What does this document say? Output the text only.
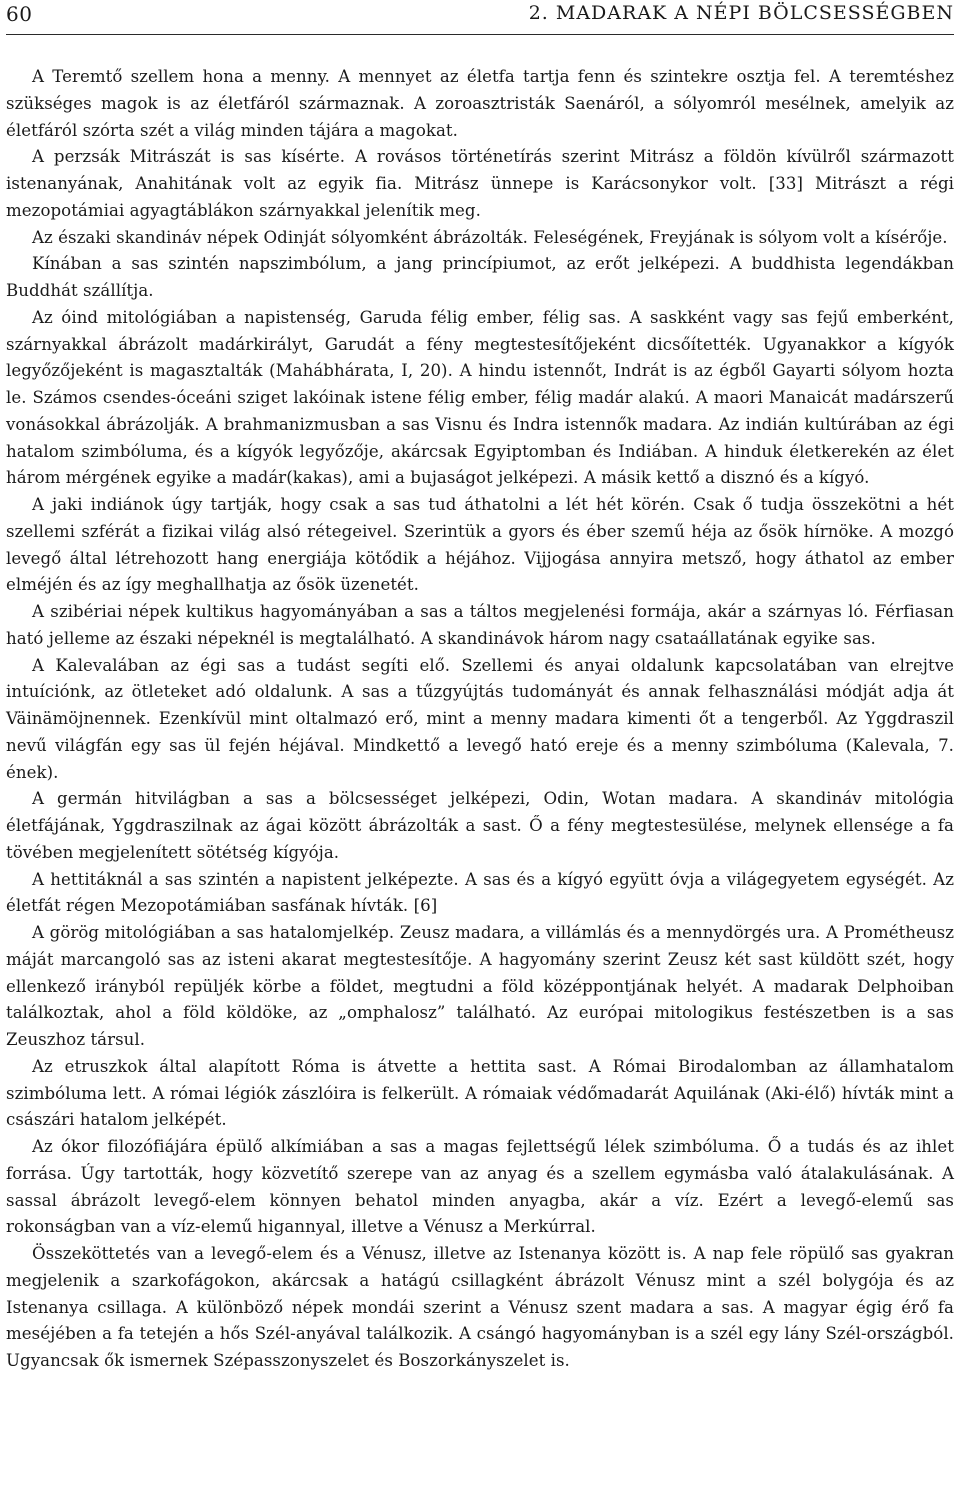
60	2. MADARAK A NÉPI BÖLCSESSÉGBEN

A Teremtő szellem hona a menny. A mennyet az életfa tartja fenn és szintekre osztja fel. A teremtéshez szükséges magok is az életfáról származnak. A zoroasztristák Saenáról, a sólyomról mesélnek, amelyik az életfáról szórta szét a világ minden tájára a magokat.

A perzsák Mitrászát is sas kísérte. A rovásos történetírás szerint Mitrász a földön kívülről származott istenanyának, Anahitának volt az egyik fia. Mitrász ünnepe is Karácsonykor volt. [33] Mitrászt a régi mezopotámiai agyagtáblákon szárnyakkal jelenítik meg.

Az északi skandináv népek Odinját sólyomként ábrázolták. Feleségének, Freyjának is sólyom volt a kísérője.

Kínában a sas szintén napszimbólum, a jang princípiumot, az erőt jelképezi. A buddhista legendákban Buddhát szállítja.

Az óind mitológiában a napistenség, Garuda félig ember, félig sas. A saskként vagy sas fejű emberként, szárnyakkal ábrázolt madárkirályt, Garudát a fény megtestesítőjeként dicsőítették. Ugyanakkor a kígyók legyőzőjeként is magasztalták (Mahábhárata, I, 20). A hindu istennőt, Indrát is az égből Gayarti sólyom hozta le. Számos csendes-óceáni sziget lakóinak istene félig ember, félig madár alakú. A maori Manaicát madárszerű vonásokkal ábrázolják. A brahmanizmusban a sas Visnu és Indra istennők madara. Az indián kultúrában az égi hatalom szimbóluma, és a kígyók legyőzője, akárcsak Egyiptomban és Indiában. A hinduk életkerekén az élet három mérgének egyike a madár(kakas), ami a bujaságot jelképezi. A másik kettő a disznó és a kígyó.

A jaki indiánok úgy tartják, hogy csak a sas tud áthatolni a lét hét körén. Csak ő tudja összekötni a hét szellemi szférát a fizikai világ alsó rétegeivel. Szerintük a gyors és éber szemű héja az ősök hírnöke. A mozgó levegő által létrehozott hang energiája kötődik a héjához. Vijjogása annyira metsző, hogy áthatol az ember elméjén és az így meghallhatja az ősök üzenetét.

A szibériai népek kultikus hagyományában a sas a táltos megjelenési formája, akár a szárnyas ló. Férfiasan ható jelleme az északi népeknél is megtalálható. A skandinávok három nagy csataállatának egyike sas.

A Kalevalában az égi sas a tudást segíti elő. Szellemi és anyai oldalunk kapcsolatában van elrejtve intuíciónk, az ötleteket adó oldalunk. A sas a tűzgyújtás tudományát és annak felhasználási módját adja át Väinämöjnennek. Ezenkívül mint oltalmazó erő, mint a menny madara kimenti őt a tengerből. Az Yggdraszil nevű világfán egy sas ül fején héjával. Mindkettő a levegő ható ereje és a menny szimbóluma (Kalevala, 7. ének).

A germán hitvilágban a sas a bölcsességet jelképezi, Odin, Wotan madara. A skandináv mitológia életfájának, Yggdraszilnak az ágai között ábrázolták a sast. Ő a fény megtestesülése, melynek ellensége a fa tövében megjelenített sötétség kígyója.

A hettitáknál a sas szintén a napistent jelképezte. A sas és a kígyó együtt óvja a világegyetem egységét. Az életfát régen Mezopotámiában sasfának hívták. [6]

A görög mitológiában a sas hatalomjelkép. Zeusz madara, a villámlás és a mennydörgés ura. A Prométheusz máját marcangoló sas az isteni akarat megtestesítője. A hagyomány szerint Zeusz két sast küldött szét, hogy ellenkező irányból repüljék körbe a földet, megtudni a föld középpontjának helyét. A madarak Delphoiban találkoztak, ahol a föld köldöke, az „omphalosz” található. Az európai mitologikus festészetben is a sas Zeuszhoz társul.

Az etruszkok által alapított Róma is átvette a hettita sast. A Római Birodalomban az államhatalom szimbóluma lett. A római légiók zászlóira is felkerült. A rómaiak védőmadarát Aquilának (Aki-élő) hívták mint a császári hatalom jelképét.

Az ókor filozófiájára épülő alkímiában a sas a magas fejlettségű lélek szimbóluma. Ő a tudás és az ihlet forrása. Úgy tartották, hogy közvetítő szerepe van az anyag és a szellem egymásba való átalakulásának. A sassal ábrázolt levegő-elem könnyen behatol minden anyagba, akár a víz. Ezért a levegő-elemű sas rokonságban van a víz-elemű higannyal, illetve a Vénusz a Merkúrral.

Összeköttetés van a levegő-elem és a Vénusz, illetve az Istenanya között is. A nap fele röpülő sas gyakran megjelenik a szarkofágokon, akárcsak a hatágú csillagként ábrázolt Vénusz mint a szél bolygója és az Istenanya csillaga. A különböző népek mondái szerint a Vénusz szent madara a sas. A magyar égig érő fa meséjében a fa tetején a hős Szél-anyával találkozik. A csángó hagyományban is a szél egy lány Szél-országból. Ugyancsak ők ismernek Szépasszonyszelet és Boszorkányszelet is.
